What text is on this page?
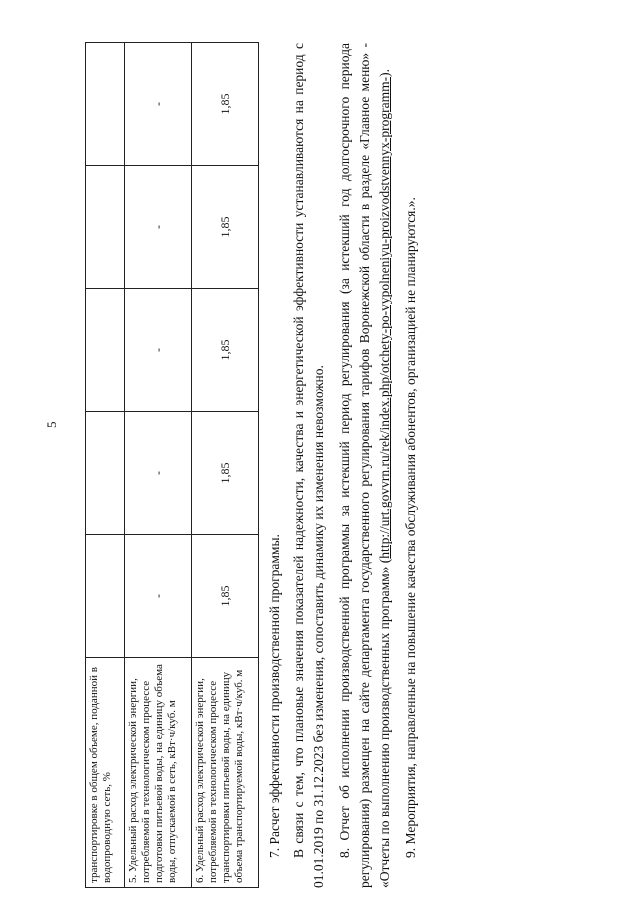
5
транспортировке в общем объеме, поданной в водопроводную сеть, %					
5. Удельный расход электрической энергии, потребляемой в технологическом процессе подготовки питьевой воды, на единицу объема воды, отпускаемой в сеть, кВт·ч/куб. м	-	-	-	-	-
6. Удельный расход электрической энергии, потребляемой в технологическом процессе транспортировки питьевой воды, на единицу объема транспортируемой воды, кВт·ч/куб. м	1,85	1,85	1,85	1,85	1,85

7. Расчет эффективности производственной программы. В связи с тем, что плановые значения показателей надежности, качества и энергетической эффективности устанавливаются на период с 01.01.2019 по 31.12.2023 без изменения, сопоставить динамику их изменения невозможно. 8. Отчет об исполнении производственной программы за истекший период регулирования (за истекший год долгосрочного периода регулирования) размещен на сайте департамента государственного регулирования тарифов Воронежской области в разделе «Главное меню» - «Отчеты по выполнению производственных программ» (http://urt.govvrn.ru/rek/index.php/otchety-po-vypolneniyu-proizvodstvennyx-programm-).

9. Мероприятия, направленные на повышение качества обслуживания абонентов, организацией не планируются.».
